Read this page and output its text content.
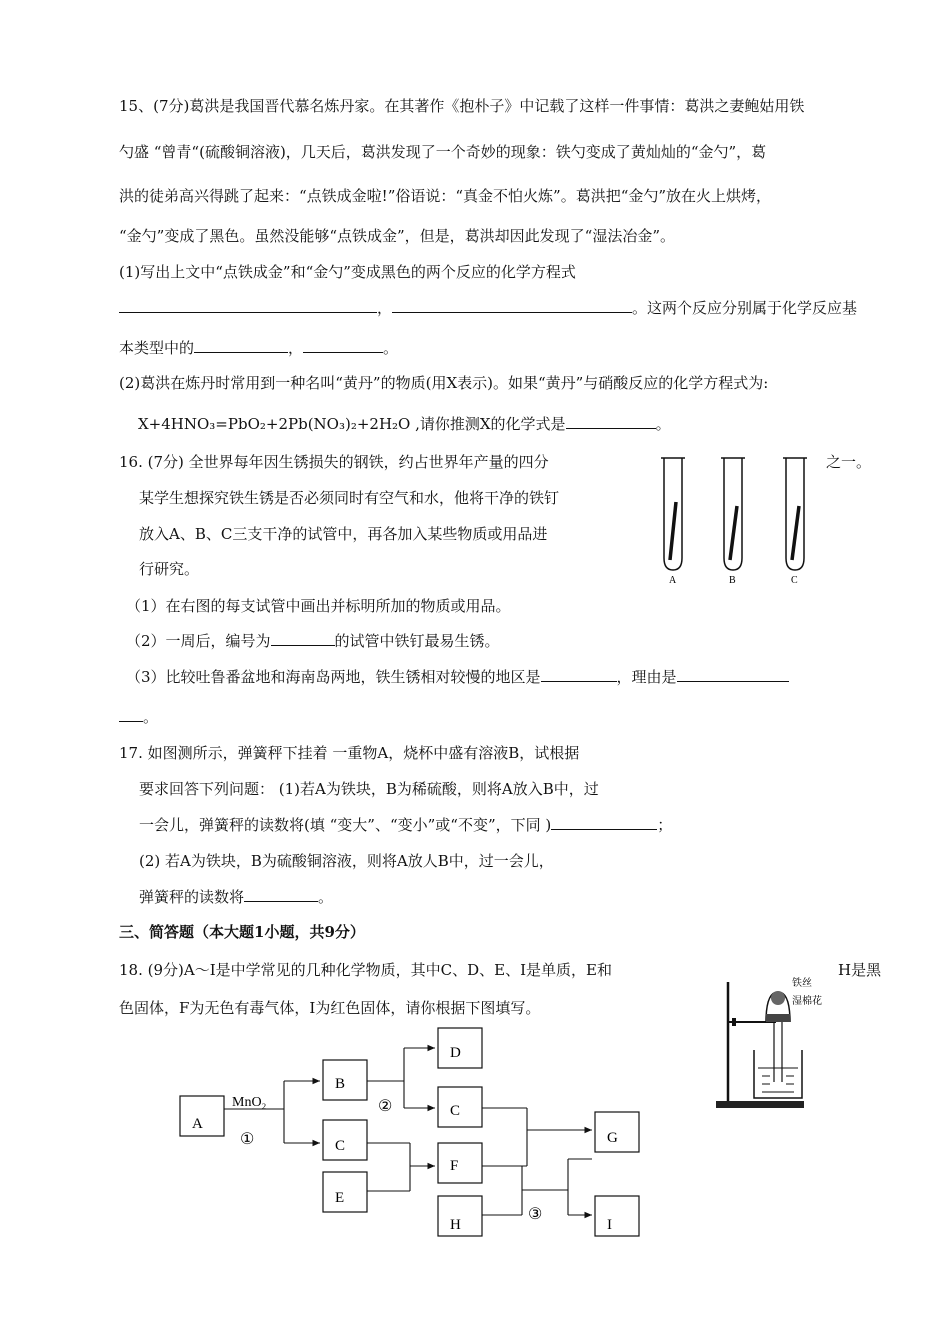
15、(7分)葛洪是我国晋代慕名炼丹家。在其著作《抱朴子》中记载了这样一件事情：葛洪之妻鲍姑用铁
勺盛 “曾青“(硫酸铜溶液)，几天后，葛洪发现了一个奇妙的现象：铁勺变成了黄灿灿的“金勺”，葛
洪的徒弟高兴得跳了起来：“点铁成金啦!”俗语说：“真金不怕火炼”。葛洪把“金勺”放在火上烘烤，
“金勺”变成了黑色。虽然没能够“点铁成金”，但是，葛洪却因此发现了“湿法冶金”。
(1)写出上文中“点铁成金”和“金勺”变成黑色的两个反应的化学方程式
，	。这两个反应分别属于化学反应基
本类型中的	，	。
(2)葛洪在炼丹时常用到一种名叫“黄丹”的物质(用X表示)。如果“黄丹”与硝酸反应的化学方程式为:
X+4HNO₃=PbO₂+2Pb(NO₃)₂+2H₂O ,请你推测X的化学式是	。
16. (7分) 全世界每年因生锈损失的钢铁，约占世界年产量的四分	之一。
某学生想探究铁生锈是否必须同时有空气和水，他将干净的铁钉
放入A、B、C三支干净的试管中，再各加入某些物质或用品进
行研究。
A	B	C
（1）在右图的每支试管中画出并标明所加的物质或用品。
（2）一周后，编号为	的试管中铁钉最易生锈。
（3）比较吐鲁番盆地和海南岛两地，铁生锈相对较慢的地区是	，理由是
。
17. 如图测所示，弹簧秤下挂着 一重物A，烧杯中盛有溶液B，试根据
要求回答下列问题： (1)若A为铁块，B为稀硫酸，则将A放入B中，过
一会儿，弹簧秤的读数将(填 “变大”、“变小”或“不变”，下同 )	；
(2) 若A为铁块，B为硫酸铜溶液，则将A放人B中，过一会儿，
弹簧秤的读数将	。
三、简答题（本大题1小题，共9分）
18. (9分)A～I是中学常见的几种化学物质，其中C、D、E、I是单质，E和	H是黑
色固体，F为无色有毒气体，I为红色固体，请你根据下图填写。
铁丝
湿棉花
A
B
C
D
C
E
F
G
H	I
MnO₂
①
②
③
